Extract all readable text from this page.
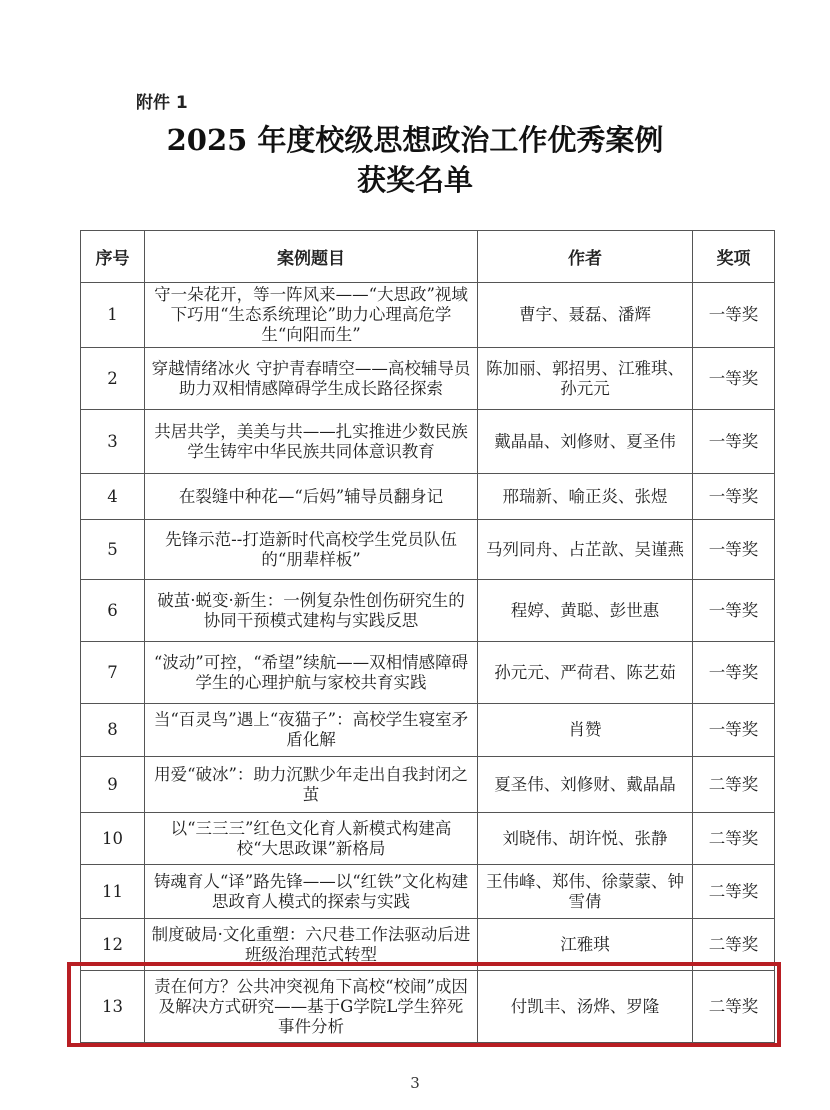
附件 1
2025 年度校级思想政治工作优秀案例
获奖名单
序号	案例题目	作者	奖项
1	守一朵花开，等一阵风来——“大思政”视域下巧用“生态系统理论”助力心理高危学生“向阳而生”	曹宇、聂磊、潘辉	一等奖
2	穿越情绪冰火 守护青春晴空——高校辅导员助力双相情感障碍学生成长路径探索	陈加丽、郭招男、江雅琪、孙元元	一等奖
3	共居共学，美美与共——扎实推进少数民族学生铸牢中华民族共同体意识教育	戴晶晶、刘修财、夏圣伟	一等奖
4	在裂缝中种花—“后妈”辅导员翻身记	邢瑞新、喻正炎、张煜	一等奖
5	先锋示范--打造新时代高校学生党员队伍的“朋辈样板”	马列同舟、占芷歆、吴谨燕	一等奖
6	破茧·蜕变·新生：一例复杂性创伤研究生的协同干预模式建构与实践反思	程婷、黄聪、彭世惠	一等奖
7	“波动”可控，“希望”续航——双相情感障碍学生的心理护航与家校共育实践	孙元元、严荷君、陈艺茹	一等奖
8	当“百灵鸟”遇上“夜猫子”：高校学生寝室矛盾化解	肖赞	一等奖
9	用爱“破冰”：助力沉默少年走出自我封闭之茧	夏圣伟、刘修财、戴晶晶	二等奖
10	以“三三三”红色文化育人新模式构建高校“大思政课”新格局	刘晓伟、胡许悦、张静	二等奖
11	铸魂育人“译”路先锋——以“红铁”文化构建思政育人模式的探索与实践	王伟峰、郑伟、徐蒙蒙、钟雪倩	二等奖
12	制度破局·文化重塑：六尺巷工作法驱动后进班级治理范式转型	江雅琪	二等奖
13	责在何方？公共冲突视角下高校“校闹”成因及解决方式研究——基于G学院L学生猝死事件分析	付凯丰、汤烨、罗隆	二等奖
3
